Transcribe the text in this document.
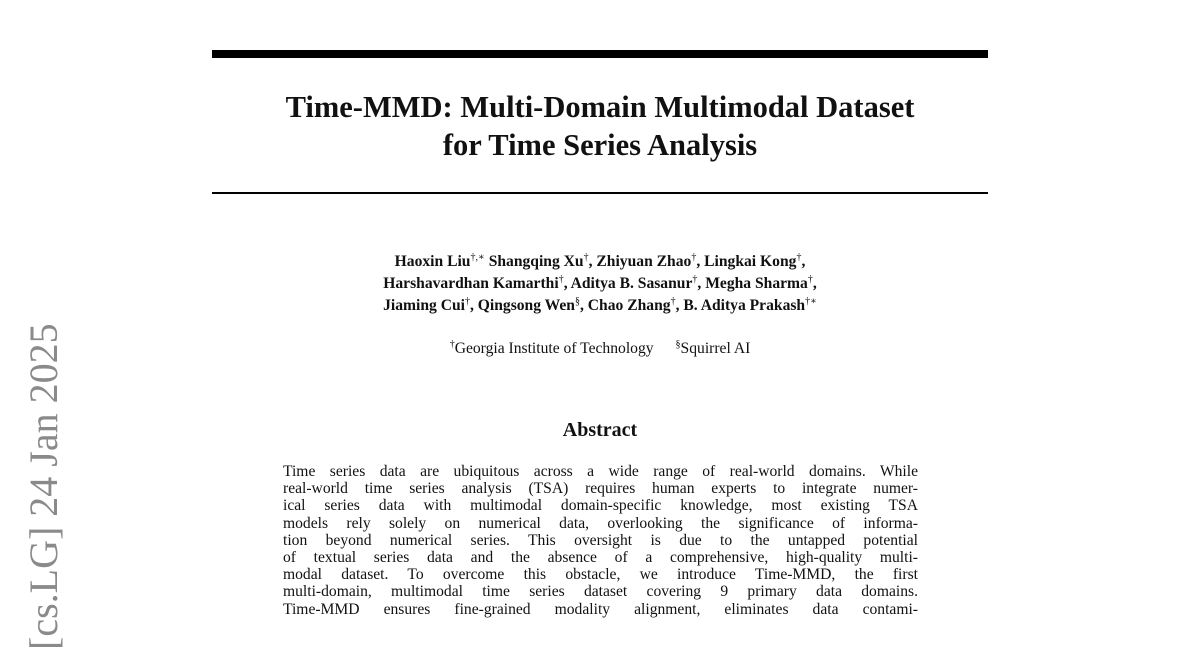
[cs.LG] 24 Jan 2025
Time-MMD: Multi-Domain Multimodal Dataset
for Time Series Analysis
Haoxin Liu†,∗ Shangqing Xu†, Zhiyuan Zhao†, Lingkai Kong†,
Harshavardhan Kamarthi†, Aditya B. Sasanur†, Megha Sharma†,
Jiaming Cui†, Qingsong Wen§, Chao Zhang†, B. Aditya Prakash†∗
†Georgia Institute of Technology §Squirrel AI
Abstract
Time series data are ubiquitous across a wide range of real-world domains. While
real-world time series analysis (TSA) requires human experts to integrate numer-
ical series data with multimodal domain-specific knowledge, most existing TSA
models rely solely on numerical data, overlooking the significance of informa-
tion beyond numerical series. This oversight is due to the untapped potential
of textual series data and the absence of a comprehensive, high-quality multi-
modal dataset. To overcome this obstacle, we introduce Time-MMD, the first
multi-domain, multimodal time series dataset covering 9 primary data domains.
Time-MMD ensures fine-grained modality alignment, eliminates data contami-
